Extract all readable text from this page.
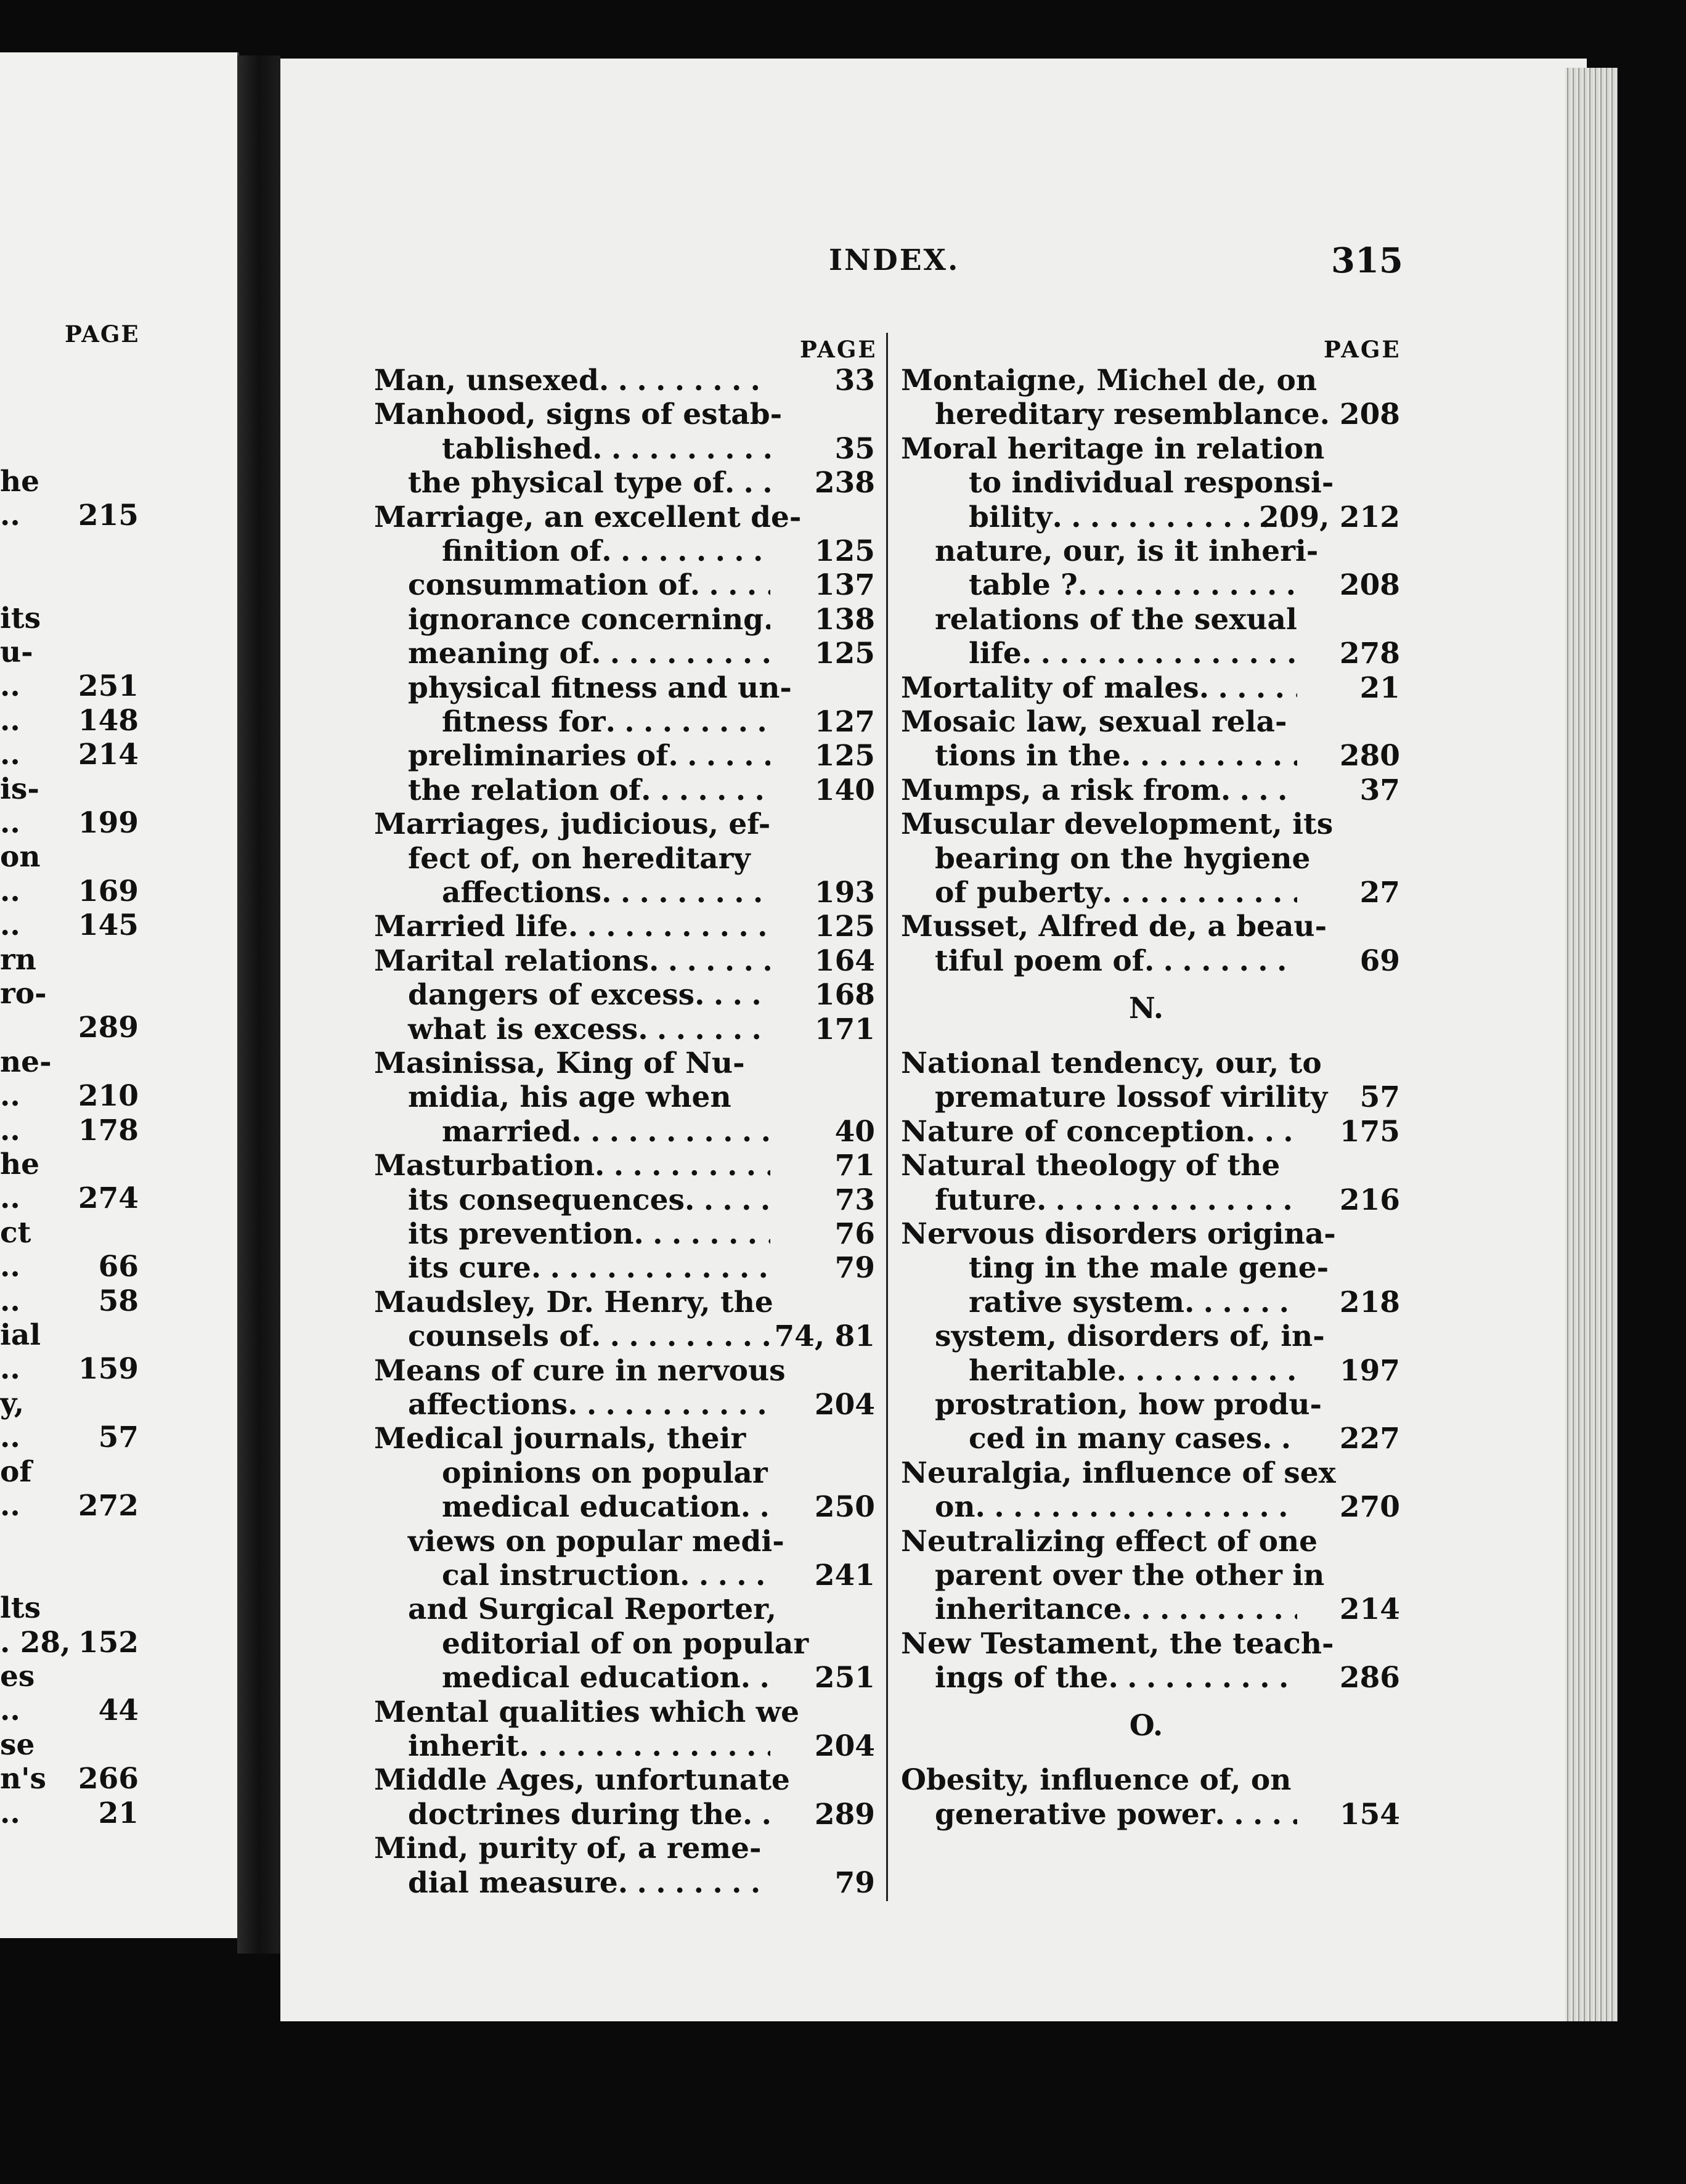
PAGE
he
.. 215
its
u-
.. 251
.. 148
.. 214
is-
.. 199
on
.. 169
.. 145
rn
ro-
289
ne-
.. 210
.. 178
he
.. 274
ct
..	66
..	58
ial
.. 159
y,
..	57
of
.. 272
lts
. 28, 152
es
..	44
se
n's 266
..	21
INDEX.	315
PAGE	PAGE
Man, unsexed . . .	33
Manhood, signs of estab-
tablished . . .	35
the physical type of . . .	238
Marriage, an excellent de-
finition of . . .	125
consummation of . . .	137
ignorance concerning . . . 138
meaning of . . .	125
physical fitness and un-
fitness for . . .	127
preliminaries of . . .	125
the relation of . . .	140
Marriages, judicious, ef-
fect of, on hereditary
affections . . .	193
Married life . . .	125
Marital relations . . .	164
dangers of excess . . .	168
what is excess . . .	171
Masinissa, King of Nu-
midia, his age when
married . . .	40
Masturbation . . .	71
its consequences . . .	73
its prevention . . .	76
its cure . . .	79
Maudsley, Dr. Henry, the
counsels of . . .	74, 81
Means of cure in nervous
affections . . .	204
Medical journals, their
opinions on popular
medical education . . .	250
views on popular medi-
cal instruction . . .	241
and Surgical Reporter,
editorial of on popular
medical education . . .	251
Mental qualities which we
inherit . . .	204
Middle Ages, unfortunate
doctrines during the . . . 289
Mind, purity of, a reme-
dial measure . . .	79
Montaigne, Michel de, on
hereditary resemblance. 208
Moral heritage in relation
to individual responsi-
bility . . .	209, 212
nature, our, is it inheri-
table ? . . .	208
relations of the sexual
life . . .	278
Mortality of males . . .	21
Mosaic law, sexual rela-
tions in the . . .	280
Mumps, a risk from . . .	37
Muscular development, its
bearing on the hygiene
of puberty . . .	27
Musset, Alfred de, a beau-
tiful poem of . . .	69
N.
National tendency, our, to
premature lossof virility 57
Nature of conception . . .	175
Natural theology of the
future . . .	216
Nervous disorders origina-
ting in the male gene-
rative system . . .	218
system, disorders of, in-
heritable . . .	197
prostration, how produ-
ced in many cases . . .	227
Neuralgia, influence of sex
on . . .	270
Neutralizing effect of one
parent over the other in
inheritance . . .	214
New Testament, the teach-
ings of the . . .	286
O.
Obesity, influence of, on
generative power . . .	154
